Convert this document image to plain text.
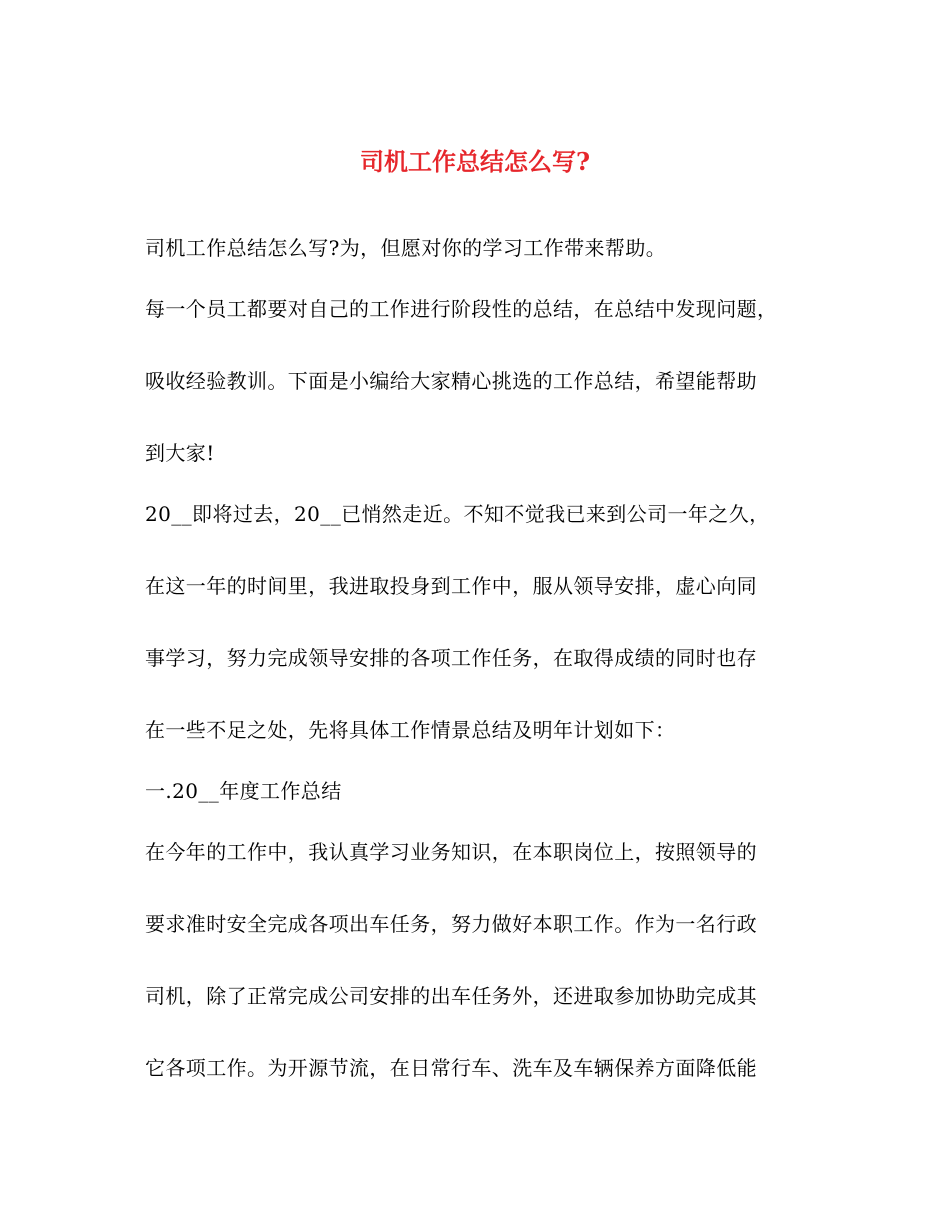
司机工作总结怎么写?
司机工作总结怎么写?为，但愿对你的学习工作带来帮助。
每一个员工都要对自己的工作进行阶段性的总结，在总结中发现问题，
吸收经验教训。下面是小编给大家精心挑选的工作总结，希望能帮助
到大家!
20__即将过去，20__已悄然走近。不知不觉我已来到公司一年之久，
在这一年的时间里，我进取投身到工作中，服从领导安排，虚心向同
事学习，努力完成领导安排的各项工作任务，在取得成绩的同时也存
在一些不足之处，先将具体工作情景总结及明年计划如下：
一.20__年度工作总结
在今年的工作中，我认真学习业务知识，在本职岗位上，按照领导的
要求准时安全完成各项出车任务，努力做好本职工作。作为一名行政
司机，除了正常完成公司安排的出车任务外，还进取参加协助完成其
它各项工作。为开源节流，在日常行车、洗车及车辆保养方面降低能
